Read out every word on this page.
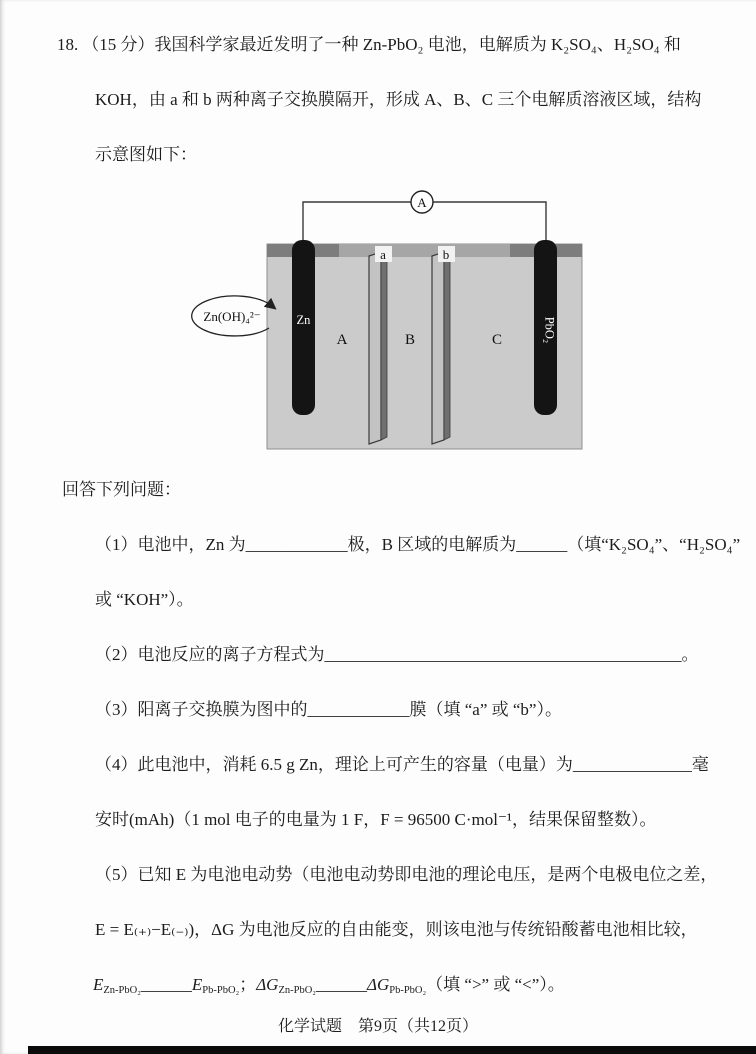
18. （15 分）我国科学家最近发明了一种 Zn-PbO₂ 电池，电解质为 K₂SO₄、H₂SO₄ 和
KOH，由 a 和 b 两种离子交换膜隔开，形成 A、B、C 三个电解质溶液区域，结构
示意图如下：
A
a	b
Zn	PbO₂
A	B	C
Zn(OH)₄²⁻
回答下列问题：
（1）电池中，Zn 为____________极，B 区域的电解质为______（填“K₂SO₄”、“H₂SO₄”
或 “KOH”）。
（2）电池反应的离子方程式为__________________________________________。
（3）阳离子交换膜为图中的____________膜（填 “a” 或 “b”）。
（4）此电池中，消耗 6.5 g Zn，理论上可产生的容量（电量）为______________毫
安时(mAh)（1 mol 电子的电量为 1 F，F = 96500 C·mol⁻¹，结果保留整数）。
（5）已知 E 为电池电动势（电池电动势即电池的理论电压，是两个电极电位之差，
E = E₍₊₎−E₍₋₎)，ΔG 为电池反应的自由能变，则该电池与传统铅酸蓄电池相比较，
$E_{Zn-PbO_2}\_\_\_\_\_\_E_{Pb-PbO_2}$；$\Delta G_{Zn-PbO_2}\_\_\_\_\_\_\Delta G_{Pb-PbO_2}$（填 “>” 或 “<”）。
化学试题　第9页（共12页）
